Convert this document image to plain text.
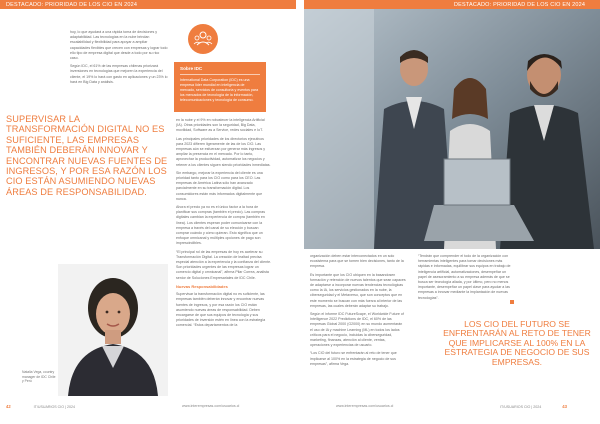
DESTACADO: PRIORIDAD DE LOS CIO EN 2024	DESTACADO: PRIORIDAD DE LOS CIO EN 2024

hoy, lo que ayudará a una rápida toma de decisiones y adaptabilidad. Las tecnologías en la nube brindan escalabilidad y flexibilidad para apoyar a ampliar capacidades flexibles que crecen con empresas y lograr todo ello tipo de empresa digital que desde a todo por su rico caso.

Según IDC, el 61% de las empresas chilenas priorizará inversiones en tecnologías que mejoren la experiencia del cliente, el 19% lo hará con gasto en aplicaciones y un 23% lo hará en Big Data y análisis.

Sobre IDC
International Data Corporation (IDC) es una empresa líder mundial en inteligencia de mercado, servicios de consultoría y eventos para los mercados de tecnología de la información, telecomunicaciones y tecnología de consumo.
SUPERVISAR LA TRANSFORMACIÓN DIGITAL NO ES SUFICIENTE, LAS EMPRESAS TAMBIÉN DEBERÁN INNOVAR Y ENCONTRAR NUEVAS FUENTES DE INGRESOS, Y POR ESA RAZÓN LOS CIO ESTÁN ASUMIENDO NUEVAS ÁREAS DE RESPONSABILIDAD.
Natalia Vega, country manager de IDC Chile y Perú

en la nube y el 9% en robustecer la inteligencia Artificial (IA). Otras prioridades son la seguridad, Big Data, movilidad, Software as a Service, redes sociales e IoT.

Las principales prioridades de los directorios ejecutivos para 2023 difieren ligeramente de las de los CIO. Las empresas aún se esfuerzan por generar más ingresos y ampliar la presencia en el mercado. Por lo tanto, aprovechar la productividad, automatizar los negocios y retener a los clientes siguen siendo prioridades inmediatas.

Sin embargo, mejorar la experiencia del cliente es una prioridad tanto para los CIO como para los CEO. Las empresas de América Latina sólo han avanzado parcialmente en su transformación digital. Los consumidores están más informados digitalmente que nunca.

Ahora el precio ya no es el único factor a la hora de planificar sus compras (también el precio). Las compras digitales cambian la experiencia de compra (también en línea). Los clientes esperan poder comunicarse con la empresa a través del canal de su elección y buscan comprar cuándo y cómo quieran. Esto significa que un enfoque omnicanal y múltiples opciones de pago son imprescindibles.

“El principal rol de las empresas de hoy es acelerar su Transformación Digital. La creación de lealtad precisa especial atención a la experiencia y la confianza del cliente. Son prioridades urgentes de las empresas lograr un comercio digital y omnicanal”, afirma Pilar Correa, analista senior de Soluciones Empresariales de IDC Chile.

Nuevas Responsabilidades

Supervisar la transformación digital no es suficiente, las empresas también deberán innovar y encontrar nuevas fuentes de ingresos, y por esa razón los CIO están asumiendo nuevas áreas de responsabilidad. Deben encargarse de que sus equipos de tecnología y sus prioridades de inversión estén en línea con la estrategia comercial. “Estos departamentos de la

organización deben estar interconectados en un solo ecosistema para que se tomen bien decisiones, tanto de la empresa.

Es importante que los CIO ubiquen en la basandosen formación y retención de nuevos talentos que sean capaces de adaptarse a incorporar nuevas tendencias tecnológicas como la IA, los servicios gestionados en la nube, la ciberseguridad y el Metaverso, que son conceptos que en este momento se buscan con más fuerza al interior de las empresas, las cuales deberán adaptar su trabajo.

Según el informe IDC FutureScape, el Worldwide Future of Intelligence 2022 Predictions de IDC, el 60% de las empresas Global 2000 (G2000) en su mundo aumentarán el uso de IA y machine Learning (ML) en todos los lados críticos para el negocio, incluidas la ciberseguridad, marketing, finanzas, atención al cliente, ventas, operaciones y experiencias de usuario.

“Los CIO del futuro se enfrentarán al reto de tener que implicarse al 100% en la estrategia de negocio de sus empresas”, afirma Vega.

“Tendrán que comprender el todo de la organización con herramientas inteligentes para tomar decisiones más rápidas e informadas, equilibrar sus equipos en trabajo de inteligencia artificial, automatizaciones, desempeñar un papel de asesoramiento a su empresa además de que se busca ser tecnología aliada, y por último, pero no menos importante, desempeñar un papel clave para ayudar a las empresas a innovar mediante la implantación de nuevas tecnologías”.

LOS CIO DEL FUTURO SE ENFRENTARÁN AL RETO DE TENER QUE IMPLICARSE AL 100% EN LA ESTRATEGIA DE NEGOCIO DE SUS EMPRESAS.
42	IT/USUARIOS CIO | 2024	www.interempresas.com/usuarios.cl	www.interempresas.com/usuarios.cl	IT/USUARIOS CIO | 2024	43
